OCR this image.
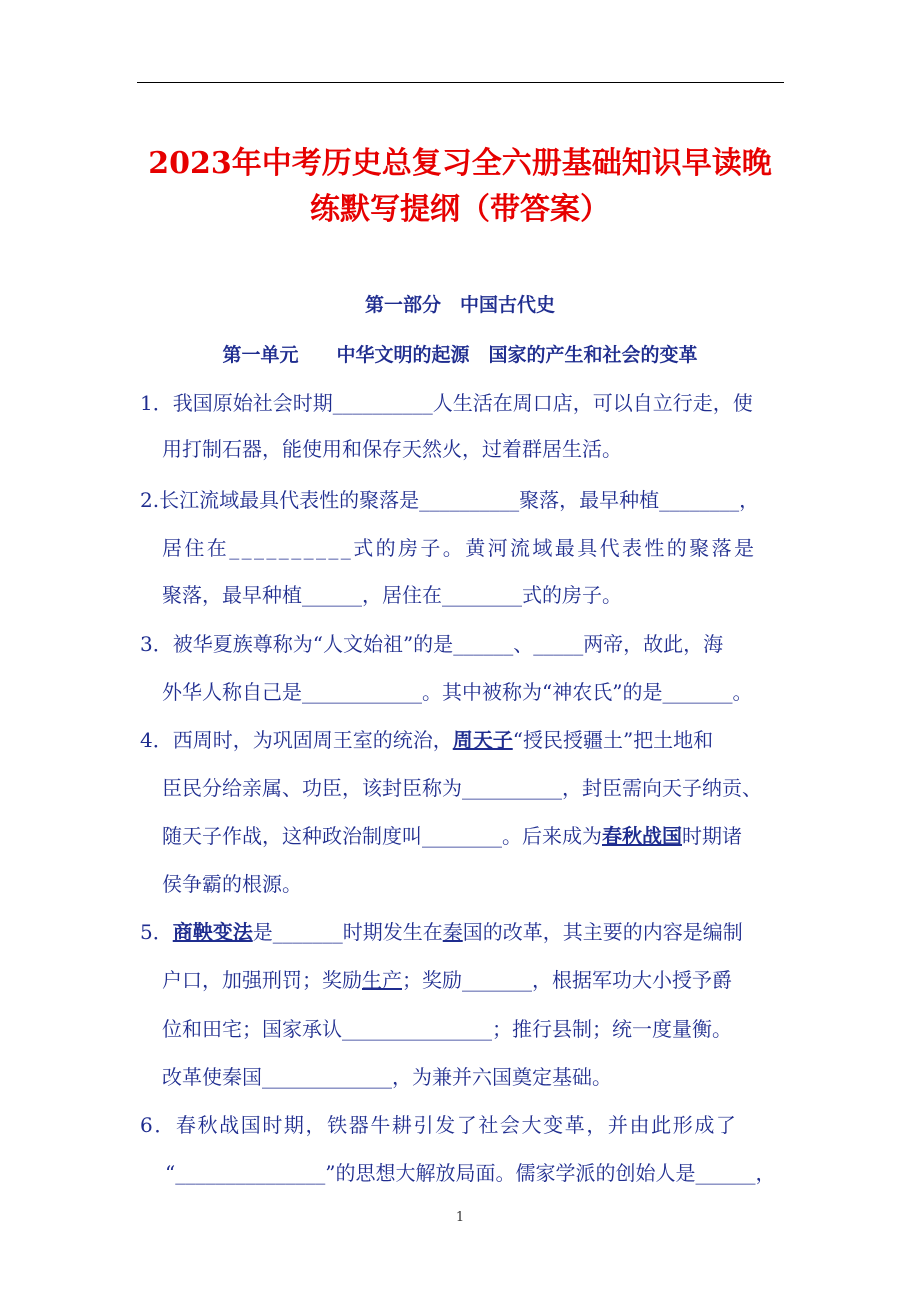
2023年中考历史总复习全六册基础知识早读晚
练默写提纲（带答案）
第一部分　中国古代史
第一单元　　中华文明的起源　国家的产生和社会的变革
1．我国原始社会时期__________人生活在周口店，可以自立行走，使
用打制石器，能使用和保存天然火，过着群居生活。
2.长江流域最具代表性的聚落是__________聚落，最早种植________，
居住在__________式的房子。黄河流域最具代表性的聚落是
聚落，最早种植______，居住在________式的房子。
3．被华夏族尊称为“人文始祖”的是______、_____两帝，故此，海
外华人称自己是____________。其中被称为“神农氏”的是_______。
4．西周时，为巩固周王室的统治，周天子“授民授疆土”把土地和
臣民分给亲属、功臣，该封臣称为__________，封臣需向天子纳贡、
随天子作战，这种政治制度叫________。后来成为春秋战国时期诸
侯争霸的根源。
5．商鞅变法是_______时期发生在秦国的改革，其主要的内容是编制
户口，加强刑罚；奖励生产；奖励_______，根据军功大小授予爵
位和田宅；国家承认_______________；推行县制；统一度量衡。
改革使秦国_____________，为兼并六国奠定基础。
6．春秋战国时期，铁器牛耕引发了社会大变革，并由此形成了
“_______________”的思想大解放局面。儒家学派的创始人是______，
1
